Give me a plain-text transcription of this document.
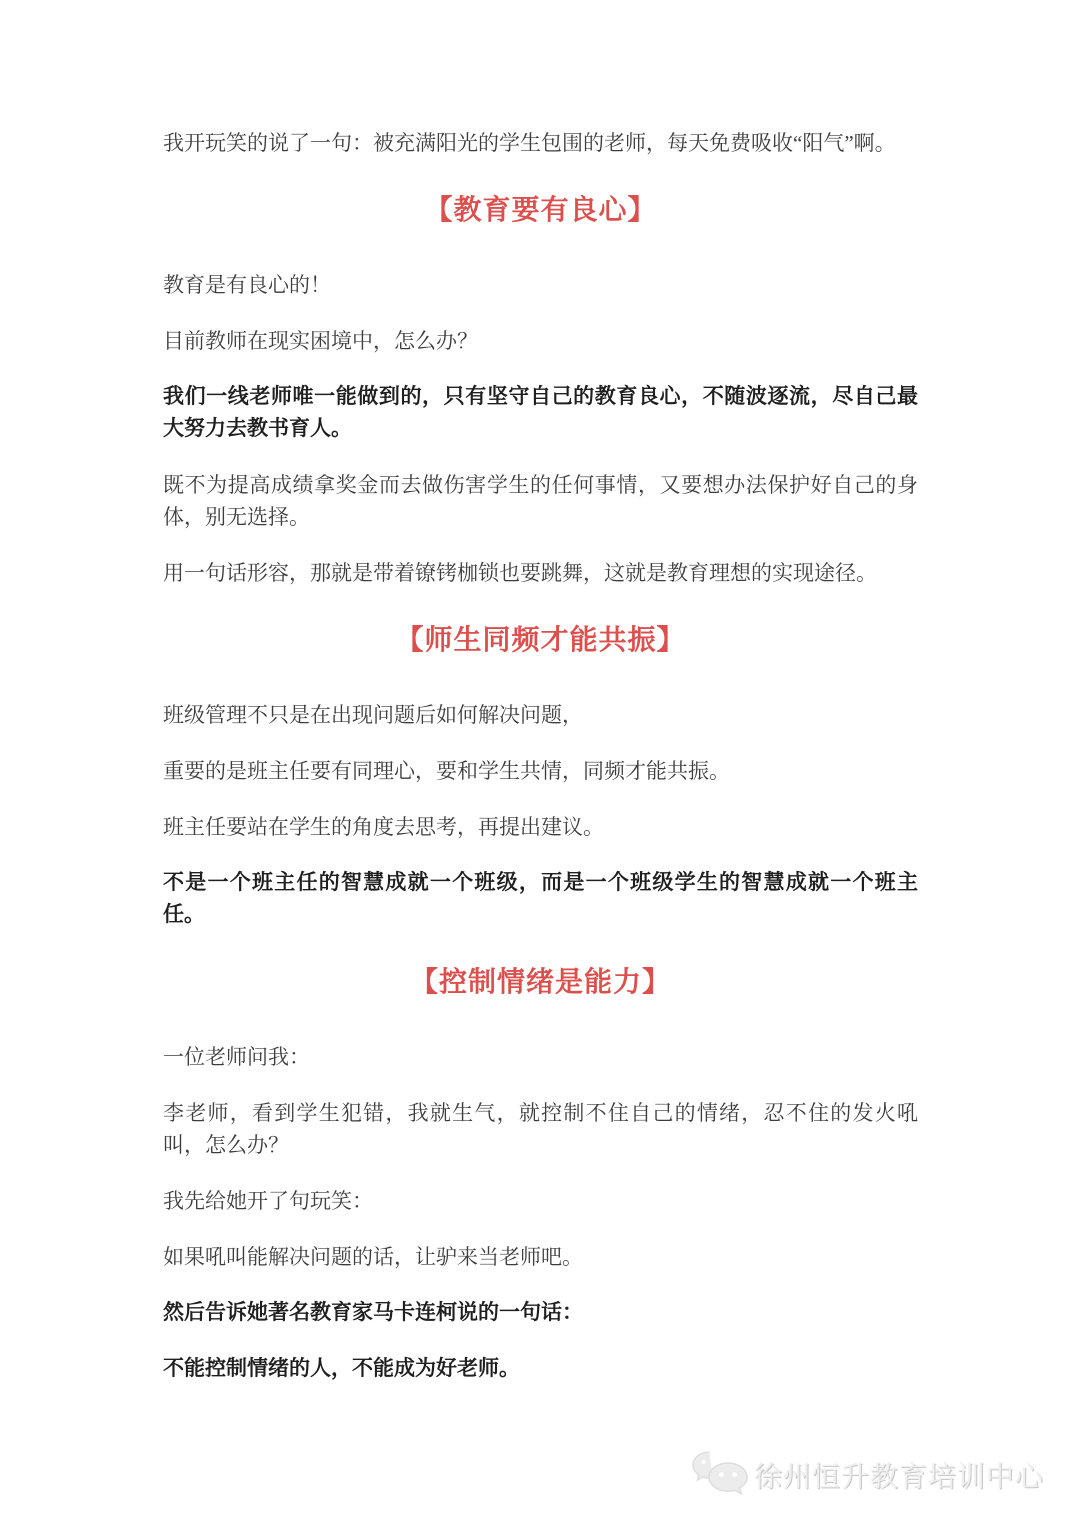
我开玩笑的说了一句：被充满阳光的学生包围的老师，每天免费吸收“阳气”啊。

【教育要有良心】

教育是有良心的！

目前教师在现实困境中，怎么办？

我们一线老师唯一能做到的，只有坚守自己的教育良心，不随波逐流，尽自己最大努力去教书育人。

既不为提高成绩拿奖金而去做伤害学生的任何事情，又要想办法保护好自己的身体，别无选择。

用一句话形容，那就是带着镣铐枷锁也要跳舞，这就是教育理想的实现途径。

【师生同频才能共振】

班级管理不只是在出现问题后如何解决问题，

重要的是班主任要有同理心，要和学生共情，同频才能共振。

班主任要站在学生的角度去思考，再提出建议。

不是一个班主任的智慧成就一个班级，而是一个班级学生的智慧成就一个班主任。

【控制情绪是能力】

一位老师问我：

李老师，看到学生犯错，我就生气，就控制不住自己的情绪，忍不住的发火吼叫，怎么办？

我先给她开了句玩笑：

如果吼叫能解决问题的话，让驴来当老师吧。

然后告诉她著名教育家马卡连柯说的一句话：

不能控制情绪的人，不能成为好老师。

徐州恒升教育培训中心
